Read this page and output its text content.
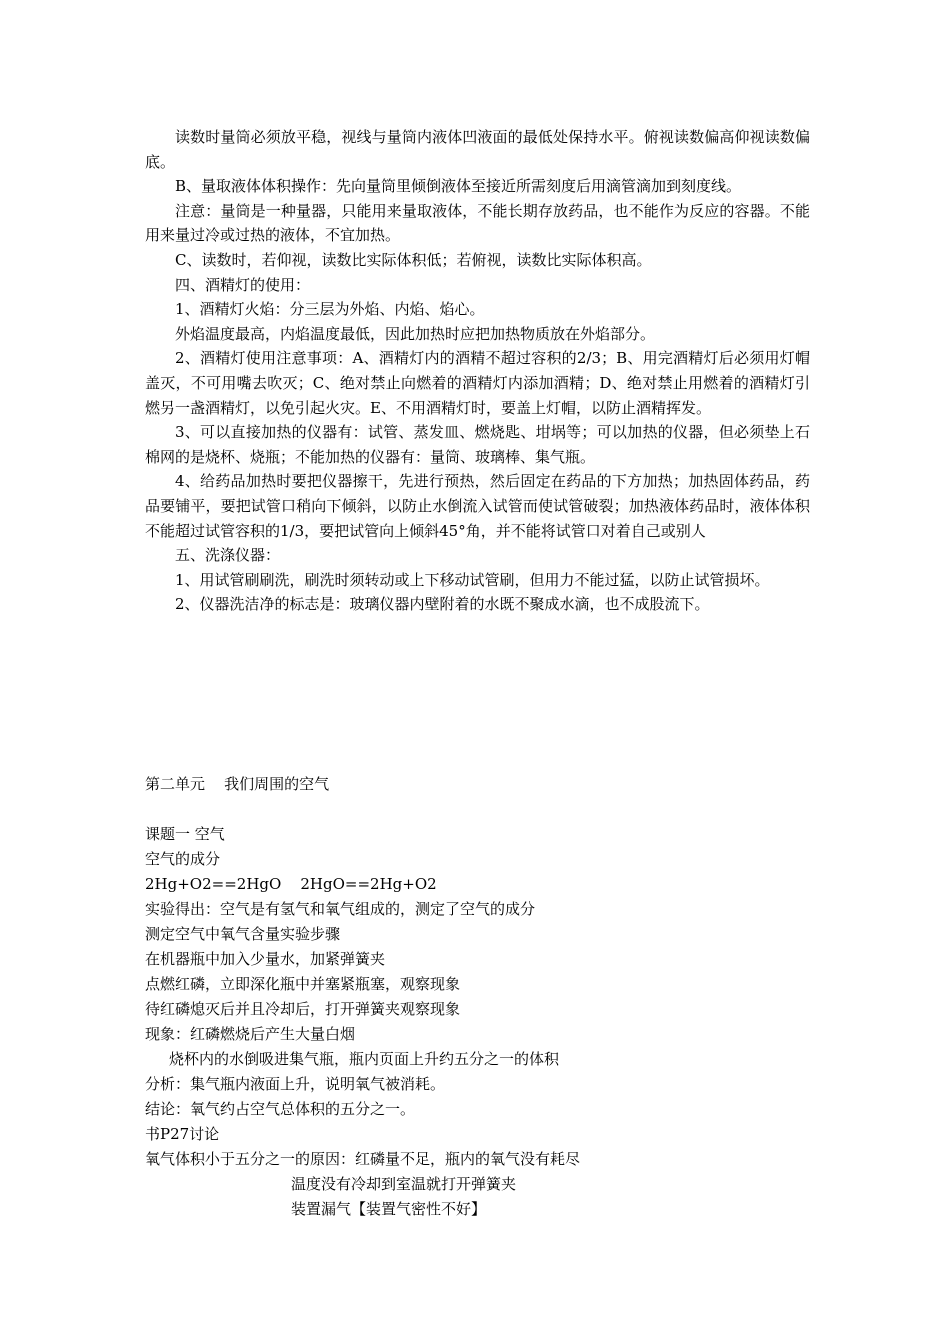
读数时量筒必须放平稳，视线与量筒内液体凹液面的最低处保持水平。俯视读数偏高仰视读数偏底。

B、量取液体体积操作：先向量筒里倾倒液体至接近所需刻度后用滴管滴加到刻度线。

注意：量筒是一种量器，只能用来量取液体，不能长期存放药品，也不能作为反应的容器。不能用来量过冷或过热的液体，不宜加热。

C、读数时，若仰视，读数比实际体积低；若俯视，读数比实际体积高。

四、酒精灯的使用：

1、酒精灯火焰：分三层为外焰、内焰、焰心。

外焰温度最高，内焰温度最低，因此加热时应把加热物质放在外焰部分。

2、酒精灯使用注意事项：A、酒精灯内的酒精不超过容积的2/3；B、用完酒精灯后必须用灯帽盖灭，不可用嘴去吹灭；C、绝对禁止向燃着的酒精灯内添加酒精；D、绝对禁止用燃着的酒精灯引燃另一盏酒精灯，以免引起火灾。E、不用酒精灯时，要盖上灯帽，以防止酒精挥发。

3、可以直接加热的仪器有：试管、蒸发皿、燃烧匙、坩埚等；可以加热的仪器，但必须垫上石棉网的是烧杯、烧瓶；不能加热的仪器有：量筒、玻璃棒、集气瓶。

4、给药品加热时要把仪器擦干，先进行预热，然后固定在药品的下方加热；加热固体药品，药品要铺平，要把试管口稍向下倾斜，以防止水倒流入试管而使试管破裂；加热液体药品时，液体体积不能超过试管容积的1/3，要把试管向上倾斜45°角，并不能将试管口对着自己或别人

五、洗涤仪器：

1、用试管刷刷洗，刷洗时须转动或上下移动试管刷，但用力不能过猛，以防止试管损坏。

2、仪器洗洁净的标志是：玻璃仪器内壁附着的水既不聚成水滴，也不成股流下。

第二单元    我们周围的空气
课题一 空气
空气的成分
2Hg+O2==2HgO    2HgO==2Hg+O2
实验得出：空气是有氢气和氧气组成的，测定了空气的成分
测定空气中氧气含量实验步骤
在机器瓶中加入少量水，加紧弹簧夹
点燃红磷，立即深化瓶中并塞紧瓶塞，观察现象
待红磷熄灭后并且冷却后，打开弹簧夹观察现象
现象：红磷燃烧后产生大量白烟
烧杯内的水倒吸进集气瓶，瓶内页面上升约五分之一的体积
分析：集气瓶内液面上升，说明氧气被消耗。
结论：氧气约占空气总体积的五分之一。
书P27讨论
氧气体积小于五分之一的原因：红磷量不足，瓶内的氧气没有耗尽
温度没有冷却到室温就打开弹簧夹
装置漏气【装置气密性不好】
